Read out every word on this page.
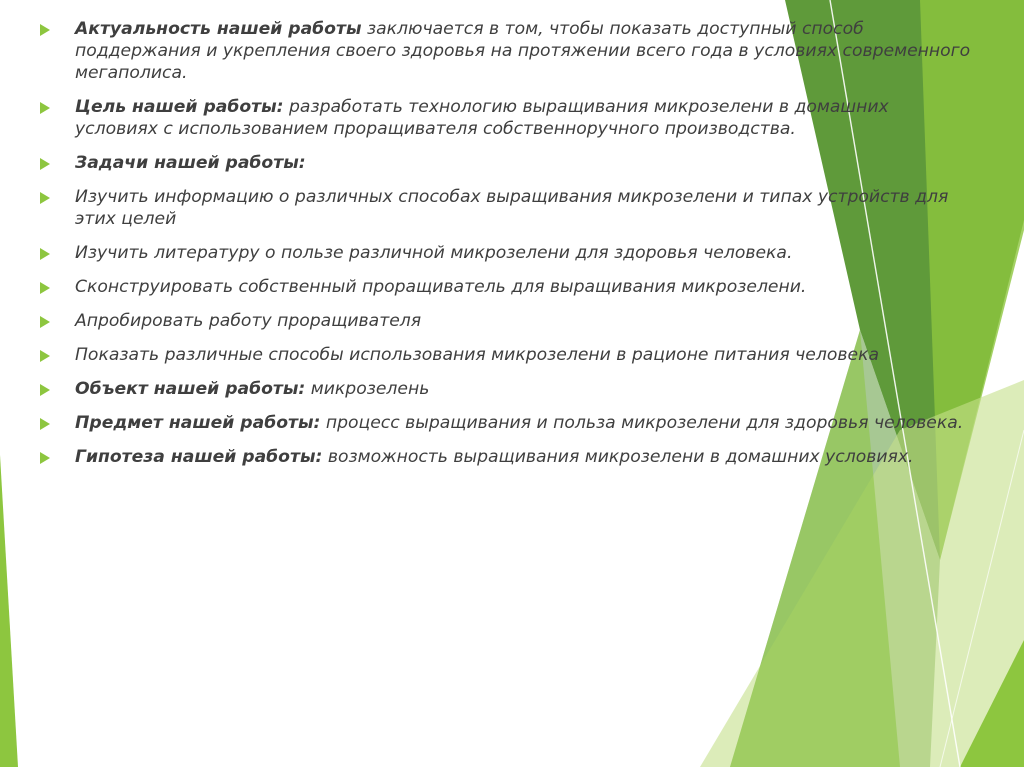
Актуальность нашей работы заключается в том, чтобы показать доступный способ поддержания и укрепления своего здоровья на протяжении всего года в условиях современного мегаполиса.
Цель нашей работы: разработать технологию выращивания микрозелени в домашних условиях с использованием проращивателя собственноручного производства.
Задачи нашей работы:
Изучить информацию о различных способах выращивания микрозелени и типах устройств для этих целей
Изучить литературу о пользе различной микрозелени для здоровья человека.
Сконструировать собственный проращиватель для выращивания микрозелени.
Апробировать работу проращивателя
Показать различные способы использования микрозелени в рационе питания человека
Объект нашей работы: микрозелень
Предмет нашей работы: процесс выращивания и польза микрозелени для здоровья человека.
Гипотеза нашей работы: возможность выращивания микрозелени в домашних условиях.
